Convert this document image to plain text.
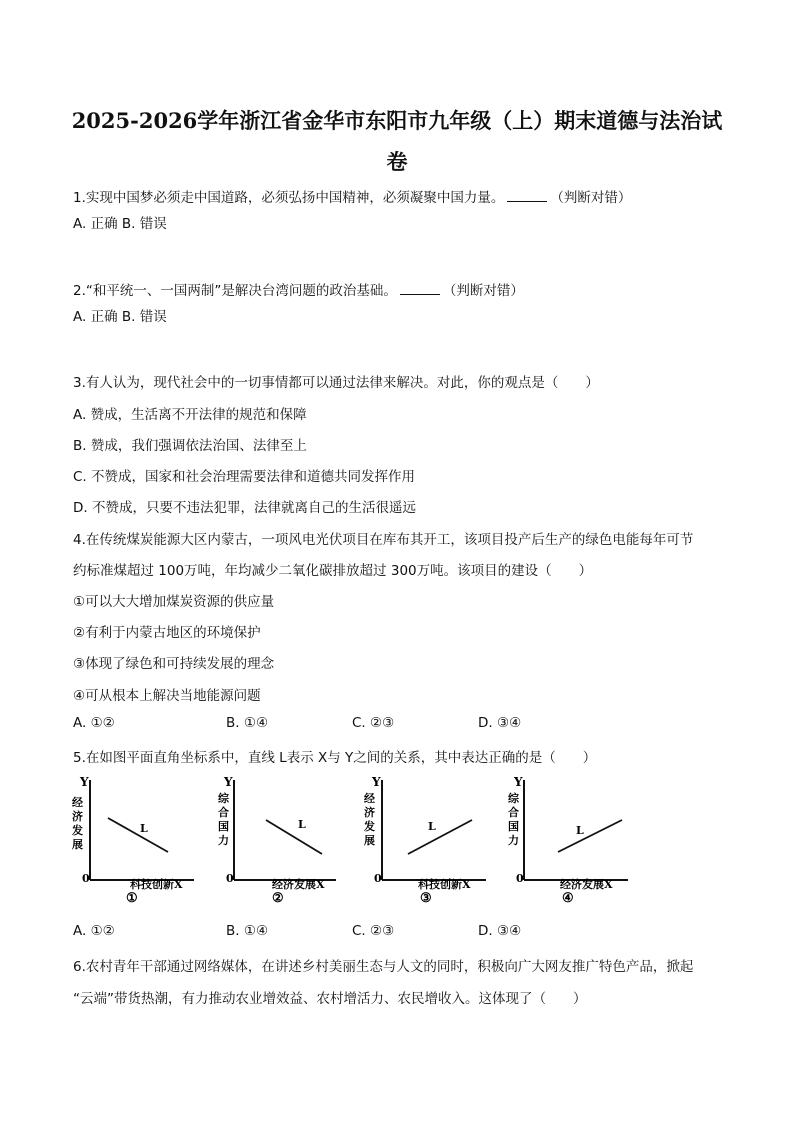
2025-2026学年浙江省金华市东阳市九年级（上）期末道德与法治试
卷
1.实现中国梦必须走中国道路，必须弘扬中国精神，必须凝聚中国力量。	（判断对错）
A. 正确 B. 错误
2.“和平统一、一国两制”是解决台湾问题的政治基础。	（判断对错）
A. 正确 B. 错误
3.有人认为，现代社会中的一切事情都可以通过法律来解决。对此，你的观点是（　　）
A. 赞成，生活离不开法律的规范和保障
B. 赞成，我们强调依法治国、法律至上
C. 不赞成，国家和社会治理需要法律和道德共同发挥作用
D. 不赞成，只要不违法犯罪，法律就离自己的生活很遥远
4.在传统煤炭能源大区内蒙古，一项风电光伏项目在库布其开工，该项目投产后生产的绿色电能每年可节
约标准煤超过 100万吨，年均减少二氧化碳排放超过 300万吨。该项目的建设（　　）
①可以大大增加煤炭资源的供应量
②有利于内蒙古地区的环境保护
③体现了绿色和可持续发展的理念
④可从根本上解决当地能源问题
A. ①②	B. ①④	C. ②③	D. ③④
5.在如图平面直角坐标系中，直线 L表示 X与 Y之间的关系，其中表达正确的是（　　）
Y
经
济
发
展
0
L
科技创新X
①
Y
综
合
国
力
0
L
经济发展X
②
Y
经
济
发
展
0
L
科技创新X
③
Y
综
合
国
力
0
L
经济发展X
④
A. ①②	B. ①④	C. ②③	D. ③④
6.农村青年干部通过网络媒体，在讲述乡村美丽生态与人文的同时，积极向广大网友推广特色产品，掀起
“云端”带货热潮，有力推动农业增效益、农村增活力、农民增收入。这体现了（　　）
